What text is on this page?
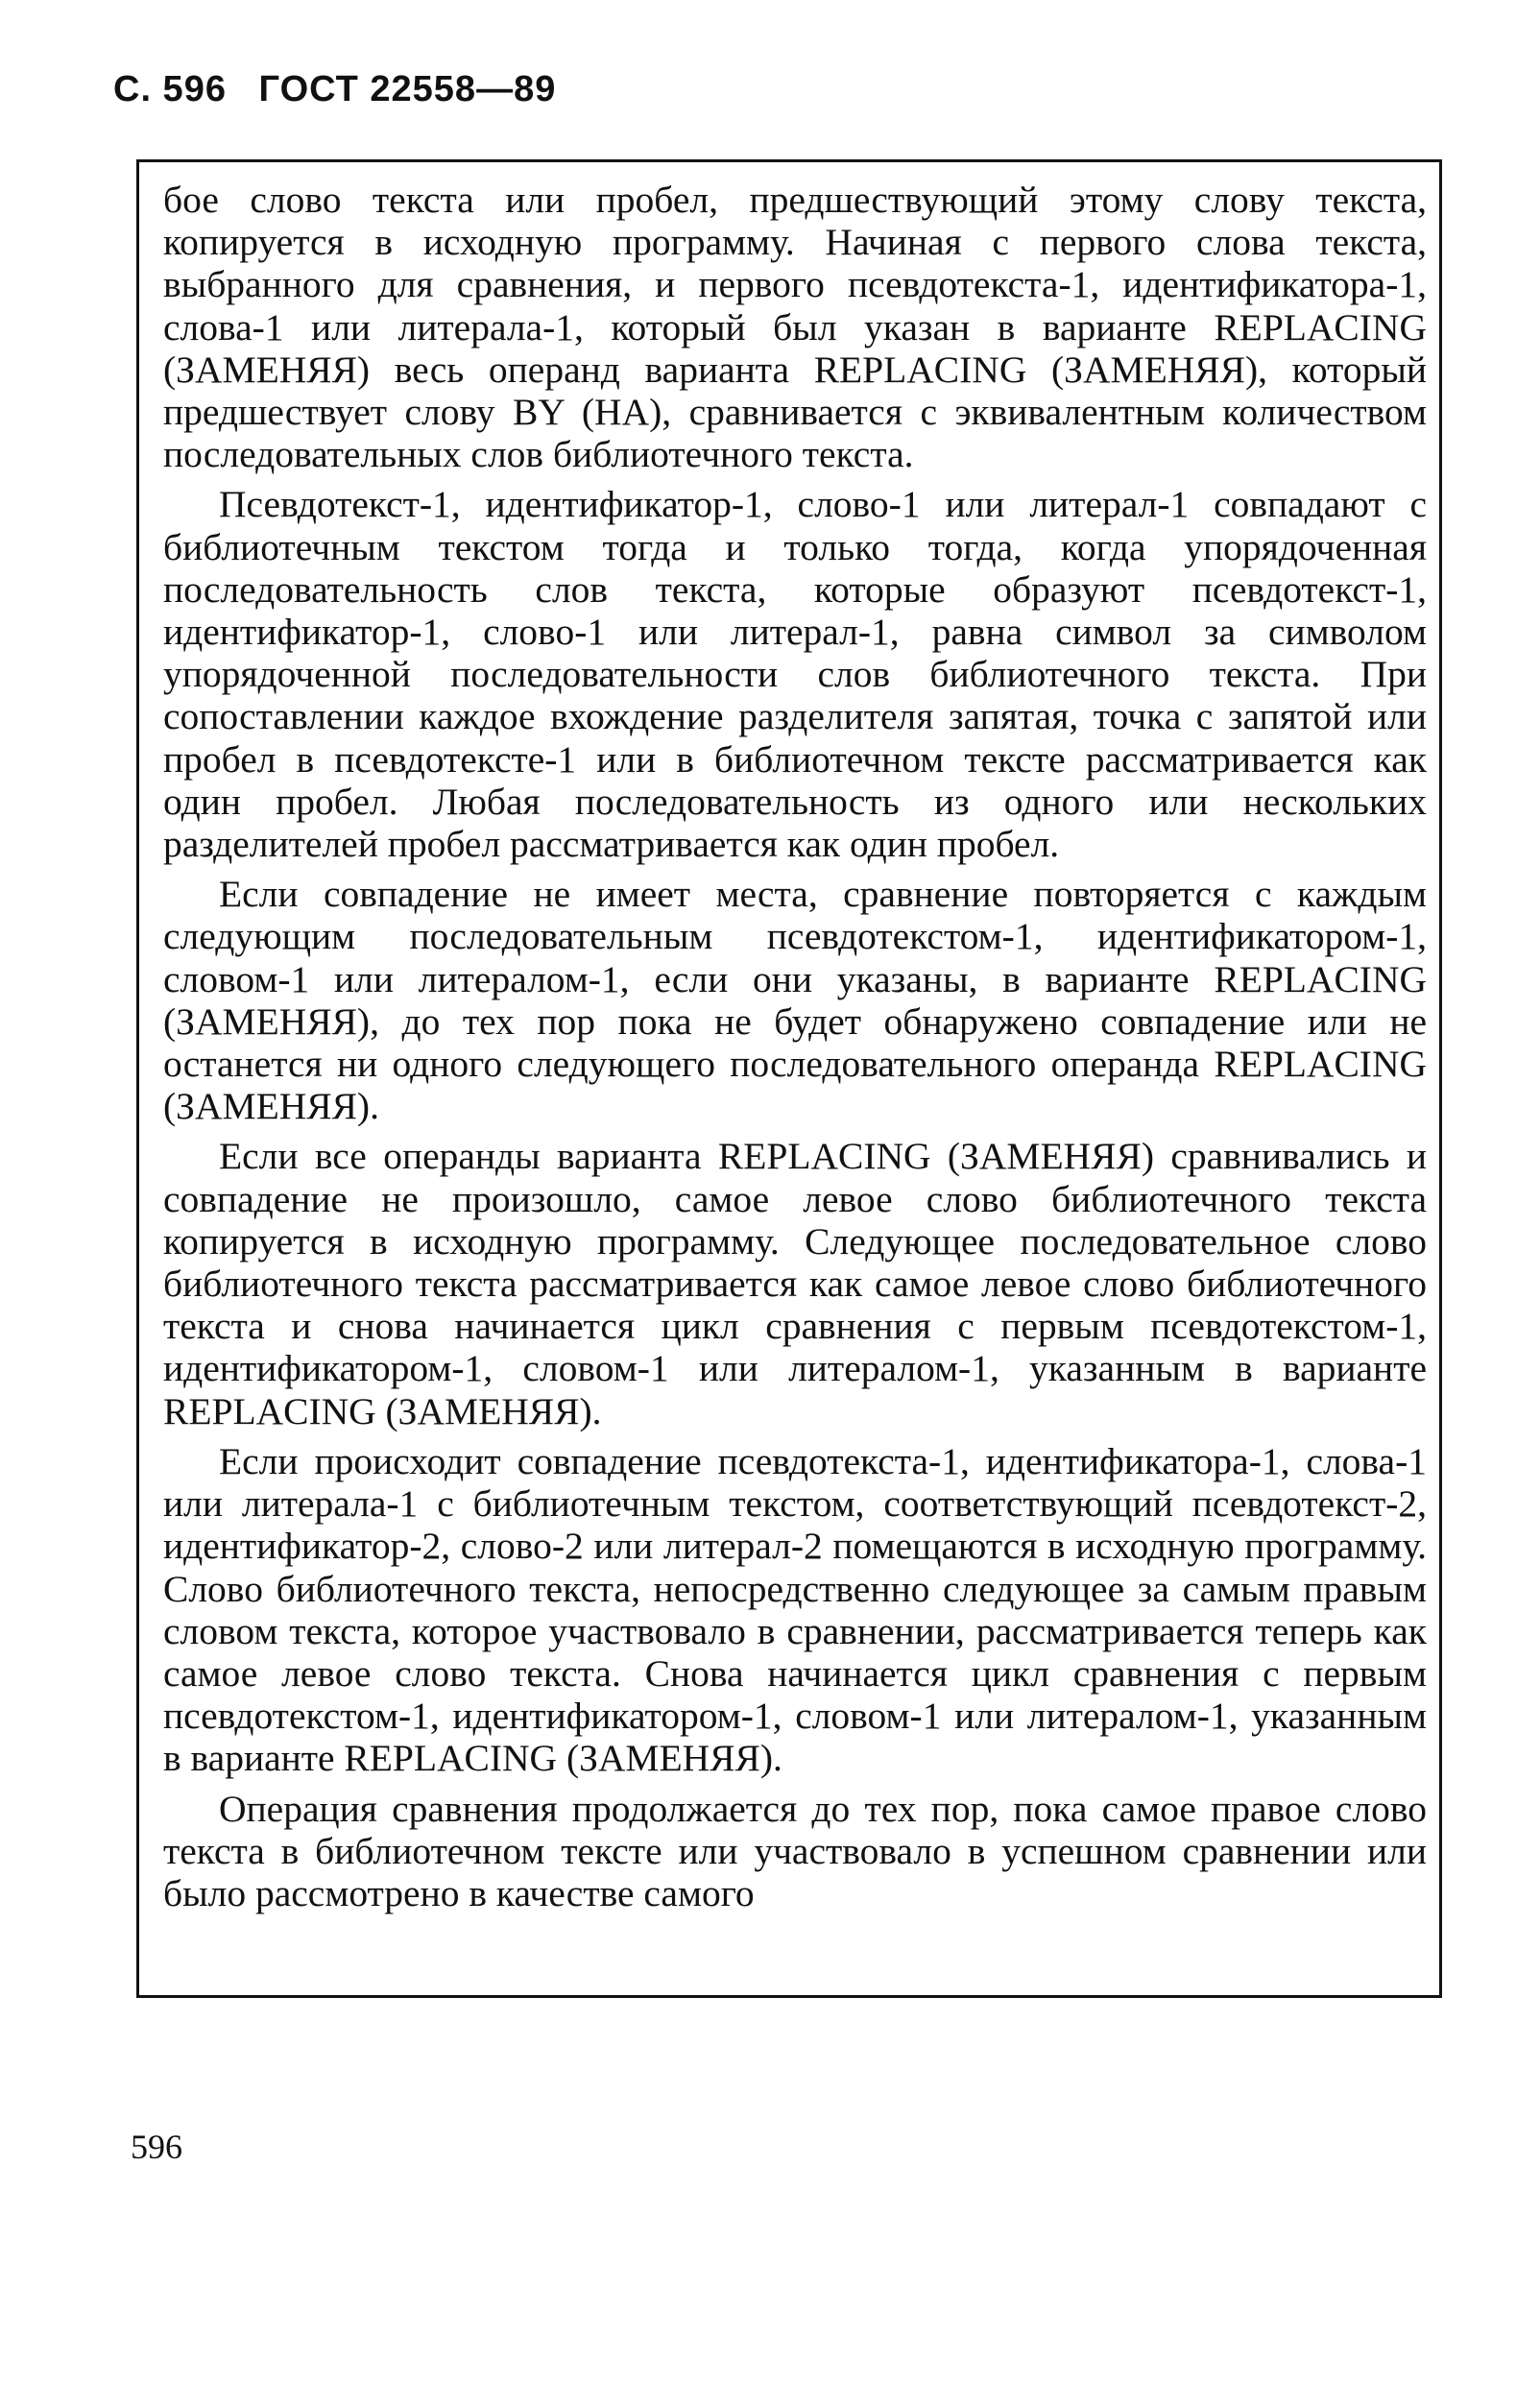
С. 596 ГОСТ 22558—89

бое слово текста или пробел, предшествующий этому слову текста, копируется в исходную программу. Начиная с первого слова текста, выбранного для сравнения, и первого псевдотекста-1, идентификатора-1, слова-1 или литерала-1, который был указан в варианте REPLACING (ЗАМЕНЯЯ) весь операнд варианта REPLACING (ЗАМЕНЯЯ), который предшествует слову BY (НА), сравнивается с эквивалентным количеством последовательных слов библиотечного текста.

Псевдотекст-1, идентификатор-1, слово-1 или литерал-1 совпадают с библиотечным текстом тогда и только тогда, когда упорядоченная последовательность слов текста, которые образуют псевдотекст-1, идентификатор-1, слово-1 или литерал-1, равна символ за символом упорядоченной последовательности слов библиотечного текста. При сопоставлении каждое вхождение разделителя запятая, точка с запятой или пробел в псевдотексте-1 или в библиотечном тексте рассматривается как один пробел. Любая последовательность из одного или нескольких разделителей пробел рассматривается как один пробел.

Если совпадение не имеет места, сравнение повторяется с каждым следующим последовательным псевдотекстом-1, идентификатором-1, словом-1 или литералом-1, если они указаны, в варианте REPLACING (ЗАМЕНЯЯ), до тех пор пока не будет обнаружено совпадение или не останется ни одного следующего последовательного операнда REPLACING (ЗАМЕНЯЯ).

Если все операнды варианта REPLACING (ЗАМЕНЯЯ) сравнивались и совпадение не произошло, самое левое слово библиотечного текста копируется в исходную программу. Следующее последовательное слово библиотечного текста рассматривается как самое левое слово библиотечного текста и снова начинается цикл сравнения с первым псевдотекстом-1, идентификатором-1, словом-1 или литералом-1, указанным в варианте REPLACING (ЗАМЕНЯЯ).

Если происходит совпадение псевдотекста-1, идентификатора-1, слова-1 или литерала-1 с библиотечным текстом, соответствующий псевдотекст-2, идентификатор-2, слово-2 или литерал-2 помещаются в исходную программу. Слово библиотечного текста, непосредственно следующее за самым правым словом текста, которое участвовало в сравнении, рассматривается теперь как самое левое слово текста. Снова начинается цикл сравнения с первым псевдотекстом-1, идентификатором-1, словом-1 или литералом-1, указанным в варианте REPLACING (ЗАМЕНЯЯ).

Операция сравнения продолжается до тех пор, пока самое правое слово текста в библиотечном тексте или участвовало в успешном сравнении или было рассмотрено в качестве самого

596
